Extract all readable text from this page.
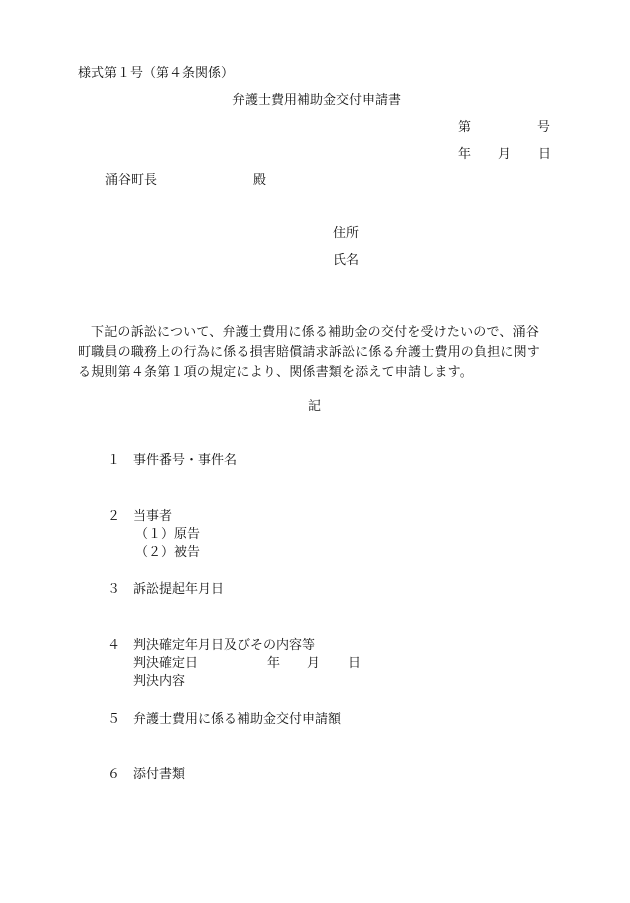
様式第１号（第４条関係）
弁護士費用補助金交付申請書
第	号
年 月 日
涌谷町長	殿
住所
氏名

下記の訴訟について、弁護士費用に係る補助金の交付を受けたいので、涌谷

町職員の職務上の行為に係る損害賠償請求訴訟に係る弁護士費用の負担に関す

る規則第４条第１項の規定により、関係書類を添えて申請します。

記
１ 事件番号・事件名
２ 当事者
（１）原告
（２）被告
３ 訴訟提起年月日
４ 判決確定年月日及びその内容等
判決確定日	年 月 日
判決内容
５ 弁護士費用に係る補助金交付申請額
６ 添付書類
